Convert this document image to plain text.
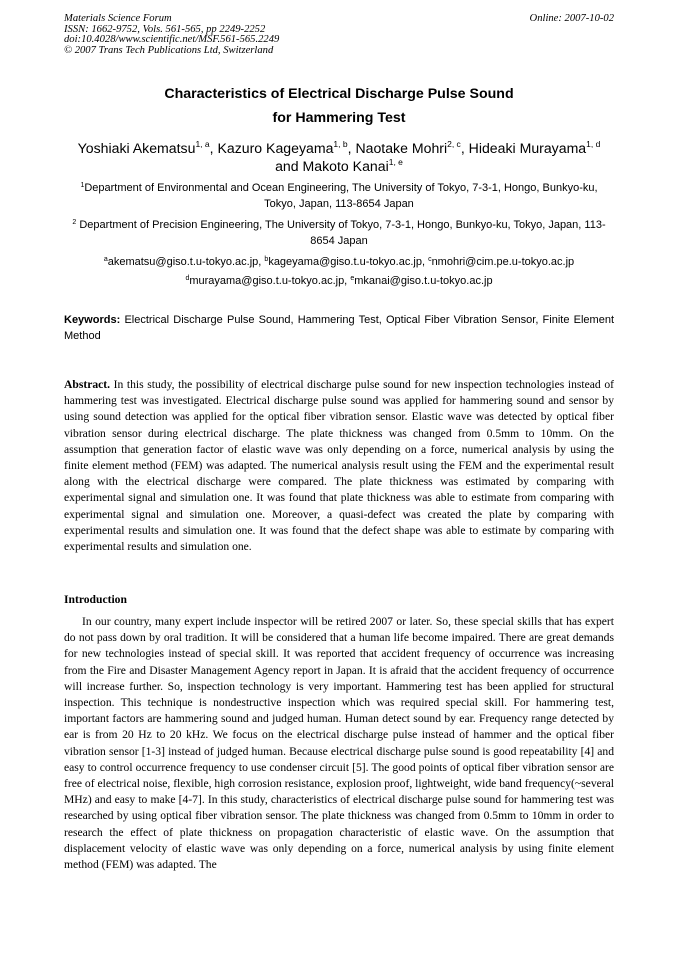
Materials Science Forum
ISSN: 1662-9752, Vols. 561-565, pp 2249-2252
doi:10.4028/www.scientific.net/MSF.561-565.2249
© 2007 Trans Tech Publications Ltd, Switzerland
Online: 2007-10-02
Characteristics of Electrical Discharge Pulse Sound
for Hammering Test
Yoshiaki Akematsu$^{1, a}$, Kazuro Kageyama$^{1, b}$, Naotake Mohri$^{2, c}$, Hideaki Murayama$^{1, d}$ and Makoto Kanai$^{1, e}$
$^1$Department of Environmental and Ocean Engineering, The University of Tokyo, 7-3-1, Hongo, Bunkyo-ku, Tokyo, Japan, 113-8654 Japan
$^2$ Department of Precision Engineering, The University of Tokyo, 7-3-1, Hongo, Bunkyo-ku, Tokyo, Japan, 113-8654 Japan
$^a$akematsu@giso.t.u-tokyo.ac.jp, $^b$kageyama@giso.t.u-tokyo.ac.jp, $^c$nmohri@cim.pe.u-tokyo.ac.jp
$^d$murayama@giso.t.u-tokyo.ac.jp, $^e$mkanai@giso.t.u-tokyo.ac.jp
Keywords: Electrical Discharge Pulse Sound, Hammering Test, Optical Fiber Vibration Sensor, Finite Element Method
Abstract. In this study, the possibility of electrical discharge pulse sound for new inspection technologies instead of hammering test was investigated. Electrical discharge pulse sound was applied for hammering sound and sensor by using sound detection was applied for the optical fiber vibration sensor. Elastic wave was detected by optical fiber vibration sensor during electrical discharge. The plate thickness was changed from 0.5mm to 10mm. On the assumption that generation factor of elastic wave was only depending on a force, numerical analysis by using the finite element method (FEM) was adapted. The numerical analysis result using the FEM and the experimental result along with the electrical discharge were compared. The plate thickness was estimated by comparing with experimental signal and simulation one. It was found that plate thickness was able to estimate from comparing with experimental signal and simulation one. Moreover, a quasi-defect was created the plate by comparing with experimental results and simulation one. It was found that the defect shape was able to estimate by comparing with experimental results and simulation one.
Introduction
In our country, many expert include inspector will be retired 2007 or later. So, these special skills that has expert do not pass down by oral tradition. It will be considered that a human life become impaired. There are great demands for new technologies instead of special skill. It was reported that accident frequency of occurrence was increasing from the Fire and Disaster Management Agency report in Japan. It is afraid that the accident frequency of occurrence will increase further. So, inspection technology is very important. Hammering test has been applied for structural inspection. This technique is nondestructive inspection which was required special skill. For hammering test, important factors are hammering sound and judged human. Human detect sound by ear. Frequency range detected by ear is from 20 Hz to 20 kHz. We focus on the electrical discharge pulse instead of hammer and the optical fiber vibration sensor [1-3] instead of judged human. Because electrical discharge pulse sound is good repeatability [4] and easy to control occurrence frequency to use condenser circuit [5]. The good points of optical fiber vibration sensor are free of electrical noise, flexible, high corrosion resistance, explosion proof, lightweight, wide band frequency(~several MHz) and easy to make [4-7]. In this study, characteristics of electrical discharge pulse sound for hammering test was researched by using optical fiber vibration sensor. The plate thickness was changed from 0.5mm to 10mm in order to research the effect of plate thickness on propagation characteristic of elastic wave. On the assumption that displacement velocity of elastic wave was only depending on a force, numerical analysis by using finite element method (FEM) was adapted. The
